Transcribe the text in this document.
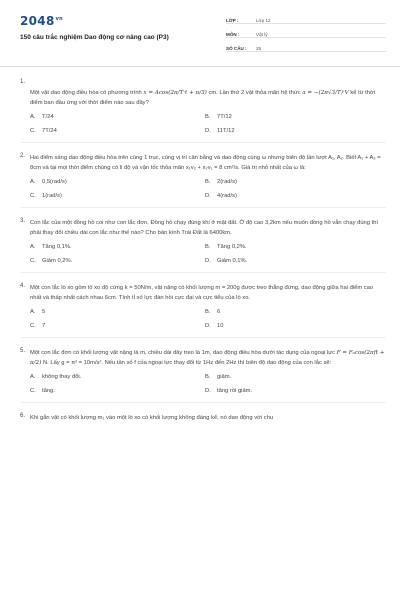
$2048^{vn}$
150 câu trắc nghiệm Dao động cơ nâng cao (P3)
LỚP :	Lớp 12
MÔN :	Vật lý
SỐ CÂU :	25
1.
Một vật dao động điều hòa có phương trình x = Acos(2π/T·t + π/3) cm. Lần thứ 2 vật thỏa mãn hệ thức a = −(2π√3/T)·V kể từ thời điểm ban đầu ứng với thời điểm nào sau đây?
A.	T/24	B.	7T/12
C.	7T/24	D.	11T/12
2. Hai điểm sáng dao động điều hòa trên cùng 1 trục, cùng vị trí cân bằng và dao động cùng ω nhưng biên độ lần lượt A₁, A₂. Biết A₁ + A₂ = 8cm và tại mọi thời điểm chúng có li độ và vận tốc thỏa mãn x₁v₂ + x₂v₁ = 8 cm²/s. Giá trị nhỏ nhất của ω là:
A.	0,5(rad/s)	B.	2(rad/s)
C.	1(rad/s)	D.	4(rad/s)
3. Con lắc của một đồng hồ coi như con lắc đơn. Đồng hồ chạy đúng khi ở mặt đất. Ở độ cao 3,2km nếu muốn đồng hồ vẫn chạy đúng thì phải thay đổi chiều dài con lắc như thế nào? Cho bán kính Trái Đất là 6400km.
A.	Tăng 0,1%.	B.	Tăng 0,2%.
C.	Giảm 0,2%.	D.	Giảm 0,1%.
4. Một con lắc lò xo gồm lò xo độ cứng k = 50N/m, vật nặng có khối lượng m = 200g được treo thẳng đứng, dao động giữa hai điểm cao nhất và thấp nhất cách nhau 6cm. Tính tỉ số lực đàn hồi cực đại và cực tiểu của lò xo.
A.	5	B.	6
C.	7	D.	10
5. Một con lắc đơn có khối lượng vật nặng là m, chiều dài dây treo là 1m, dao động điều hòa dưới tác dụng của ngoại lực F = F₀cos(2πft + π/2) N. Lấy g = π² = 10m/s². Nếu tần số f của ngoại lực thay đổi từ 1Hz đến 2Hz thì biên độ dao động của con lắc sẽ:
A.	không thay đổi.	B.	giảm.
C.	tăng.	D.	tăng rồi giảm.
6. Khi gắn vật có khối lượng m₁ vào một lò xo có khối lượng không đáng kể, nó dao động với chu
